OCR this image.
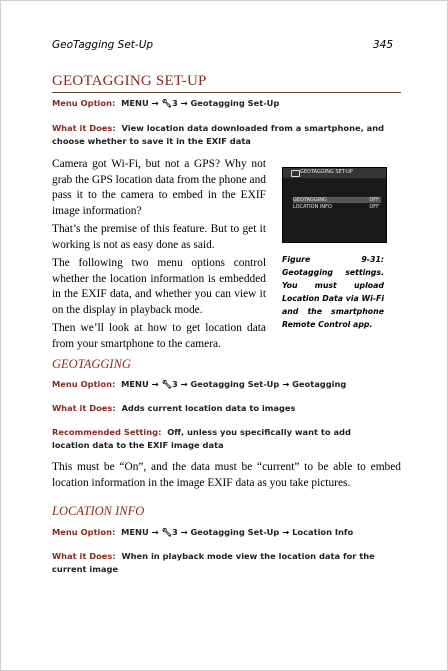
GeoTagging Set-Up	345
GEOTAGGING SET-UP
Menu Option: MENU → 🔧︎3 → Geotagging Set-Up
What it Does: View location data downloaded from a smartphone, and choose whether to save it in the EXIF data

Camera got Wi-Fi, but not a GPS? Why not grab the GPS location data from the phone and pass it to the camera to embed in the EXIF image information?

That’s the premise of this feature. But to get it working is not as easy done as said.

The following two menu options control whether the location information is embedded in the EXIF data, and whether you can view it on the display in playback mode.

Then we’ll look at how to get location data from your smartphone to the camera.

GEOTAGGING SET-UP
GEOTAGGING	OFF
LOCATION INFO	OFF
Figure 9-31: Geotagging settings. You must upload Location Data via Wi-Fi and the smartphone Remote Control app.
GEOTAGGING
Menu Option: MENU → 🔧︎3 → Geotagging Set-Up → Geotagging
What it Does: Adds current location data to images
Recommended Setting: Off, unless you specifically want to add location data to the EXIF image data

This must be “On”, and the data must be “current” to be able to embed location information in the image EXIF data as you take pictures.

LOCATION INFO
Menu Option: MENU → 🔧︎3 → Geotagging Set-Up → Location Info
What it Does: When in playback mode view the location data for the current image
